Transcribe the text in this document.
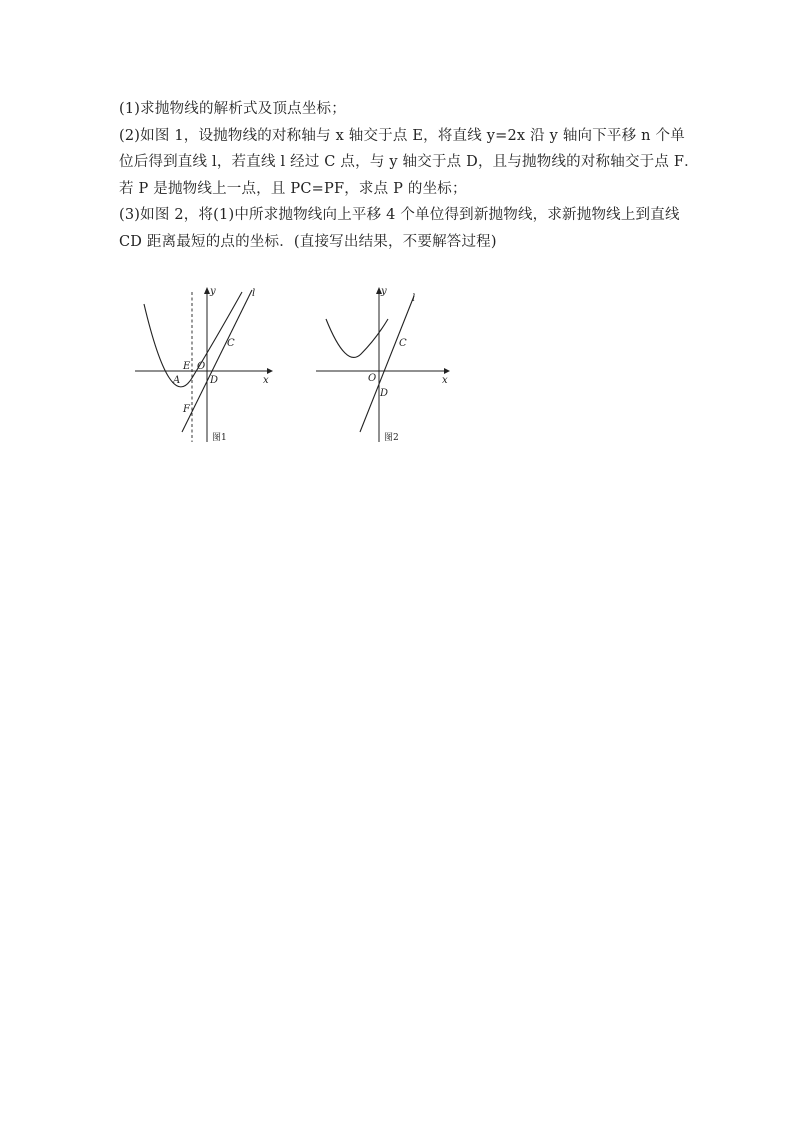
(1)求抛物线的解析式及顶点坐标；

(2)如图 1，设抛物线的对称轴与 x 轴交于点 E，将直线 y=2x 沿 y 轴向下平移 n 个单位后得到直线 l，若直线 l 经过 C 点，与 y 轴交于点 D，且与抛物线的对称轴交于点 F．若 P 是抛物线上一点，且 PC=PF，求点 P 的坐标；

(3)如图 2，将(1)中所求抛物线向上平移 4 个单位得到新抛物线，求新抛物线上到直线 CD 距离最短的点的坐标．(直接写出结果，不要解答过程)

y
x
l
C
E O
A	D
F
图1
y
x
l
C
O
D
图2
